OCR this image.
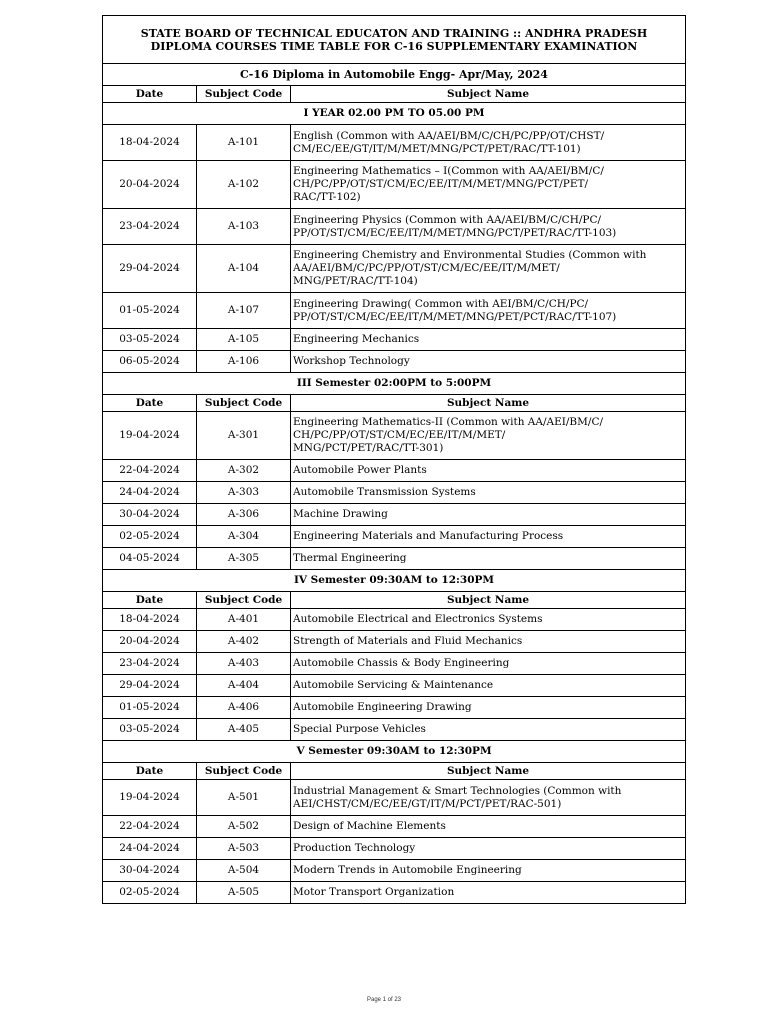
STATE BOARD OF TECHNICAL EDUCATON AND TRAINING :: ANDHRA PRADESH
DIPLOMA COURSES TIME TABLE FOR C-16 SUPPLEMENTARY EXAMINATION		

C-16 Diploma in Automobile Engg- Apr/May, 2024		
Date	Subject Code	Subject Name
I YEAR 02.00 PM TO 05.00 PM		
18-04-2024	A-101	English (Common with AA/AEI/BM/C/CH/PC/PP/OT/CHST/
CM/EC/EE/GT/IT/M/MET/MNG/PCT/PET/RAC/TT-101)

20-04-2024	A-102	Engineering Mathematics – I(Common with AA/AEI/BM/C/
CH/PC/PP/OT/ST/CM/EC/EE/IT/M/MET/MNG/PCT/PET/
RAC/TT-102)

23-04-2024	A-103	Engineering Physics (Common with AA/AEI/BM/C/CH/PC/
PP/OT/ST/CM/EC/EE/IT/M/MET/MNG/PCT/PET/RAC/TT-103)

29-04-2024	A-104	Engineering Chemistry and Environmental Studies (Common with
AA/AEI/BM/C/PC/PP/OT/ST/CM/EC/EE/IT/M/MET/
MNG/PET/RAC/TT-104)

01-05-2024	A-107	Engineering Drawing( Common with AEI/BM/C/CH/PC/
PP/OT/ST/CM/EC/EE/IT/M/MET/MNG/PET/PCT/RAC/TT-107)

03-05-2024	A-105	Engineering Mechanics

06-05-2024	A-106	Workshop Technology

III Semester 02:00PM to 5:00PM		
Date	Subject Code	Subject Name
19-04-2024	A-301	Engineering Mathematics-II (Common with AA/AEI/BM/C/
CH/PC/PP/OT/ST/CM/EC/EE/IT/M/MET/
MNG/PCT/PET/RAC/TT-301)

22-04-2024	A-302	Automobile Power Plants

24-04-2024	A-303	Automobile Transmission Systems

30-04-2024	A-306	Machine Drawing

02-05-2024	A-304	Engineering Materials and Manufacturing Process

04-05-2024	A-305	Thermal Engineering

IV Semester 09:30AM to 12:30PM		
Date	Subject Code	Subject Name
18-04-2024	A-401	Automobile Electrical and Electronics Systems

20-04-2024	A-402	Strength of Materials and Fluid Mechanics

23-04-2024	A-403	Automobile Chassis & Body Engineering

29-04-2024	A-404	Automobile Servicing & Maintenance

01-05-2024	A-406	Automobile Engineering Drawing

03-05-2024	A-405	Special Purpose Vehicles

V Semester 09:30AM to 12:30PM		
Date	Subject Code	Subject Name
19-04-2024	A-501	Industrial Management & Smart Technologies (Common with
AEI/CHST/CM/EC/EE/GT/IT/M/PCT/PET/RAC-501)

22-04-2024	A-502	Design of Machine Elements

24-04-2024	A-503	Production Technology

30-04-2024	A-504	Modern Trends in Automobile Engineering

02-05-2024	A-505	Motor Transport Organization
Page 1 of 23
